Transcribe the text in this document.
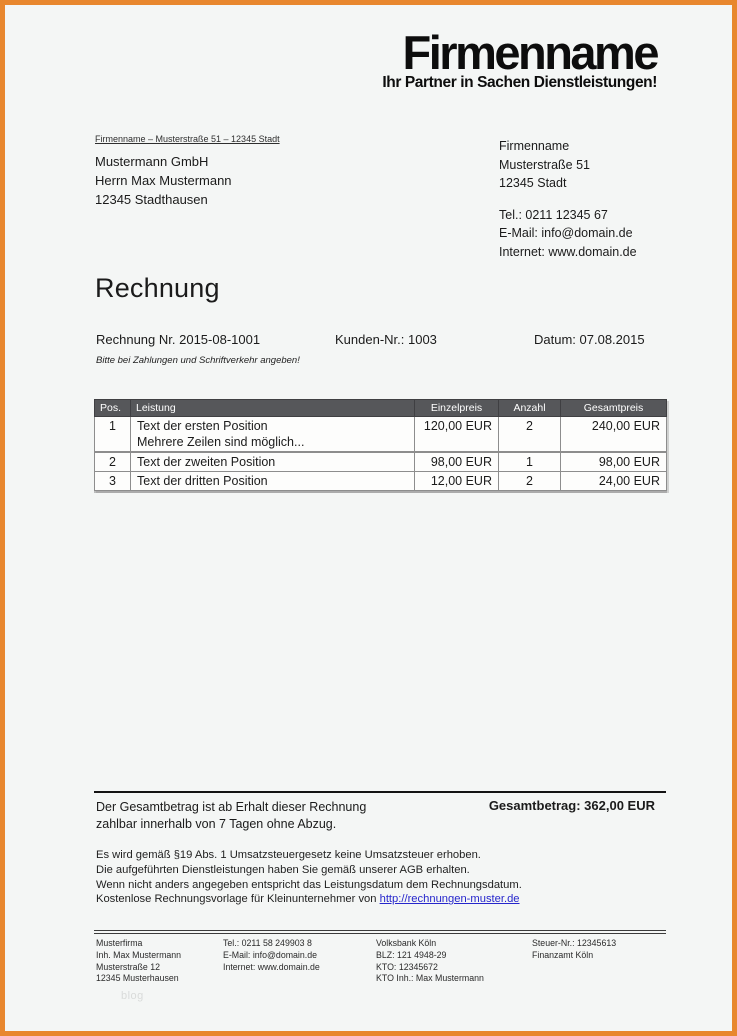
Firmenname
Ihr Partner in Sachen Dienstleistungen!
Firmenname – Musterstraße 51 – 12345 Stadt
Mustermann GmbH
Herrn Max Mustermann
12345 Stadthausen
Firmenname
Musterstraße 51
12345 Stadt
Tel.: 0211 12345 67
E-Mail: info@domain.de
Internet: www.domain.de
Rechnung
Rechnung Nr. 2015-08-1001	Kunden-Nr.: 1003	Datum: 07.08.2015
Bitte bei Zahlungen und Schriftverkehr angeben!
Pos.	Leistung	Einzelpreis	Anzahl	Gesamtpreis
1	Text der ersten Position
Mehrere Zeilen sind möglich...	120,00 EUR	2	240,00 EUR
2	Text der zweiten Position	98,00 EUR	1	98,00 EUR
3	Text der dritten Position	12,00 EUR	2	24,00 EUR
Der Gesamtbetrag ist ab Erhalt dieser Rechnung
zahlbar innerhalb von 7 Tagen ohne Abzug.
Gesamtbetrag: 362,00 EUR
Es wird gemäß §19 Abs. 1 Umsatzsteuergesetz keine Umsatzsteuer erhoben.
Die aufgeführten Dienstleistungen haben Sie gemäß unserer AGB erhalten.
Wenn nicht anders angegeben entspricht das Leistungsdatum dem Rechnungsdatum.
Kostenlose Rechnungsvorlage für Kleinunternehmer von http://rechnungen-muster.de
Musterfirma
Inh. Max Mustermann
Musterstraße 12
12345 Musterhausen
Tel.: 0211 58 249903 8
E-Mail: info@domain.de
Internet: www.domain.de
Volksbank Köln
BLZ: 121 4948-29
KTO: 12345672
KTO Inh.: Max Mustermann
Steuer-Nr.: 12345613
Finanzamt Köln
blog
